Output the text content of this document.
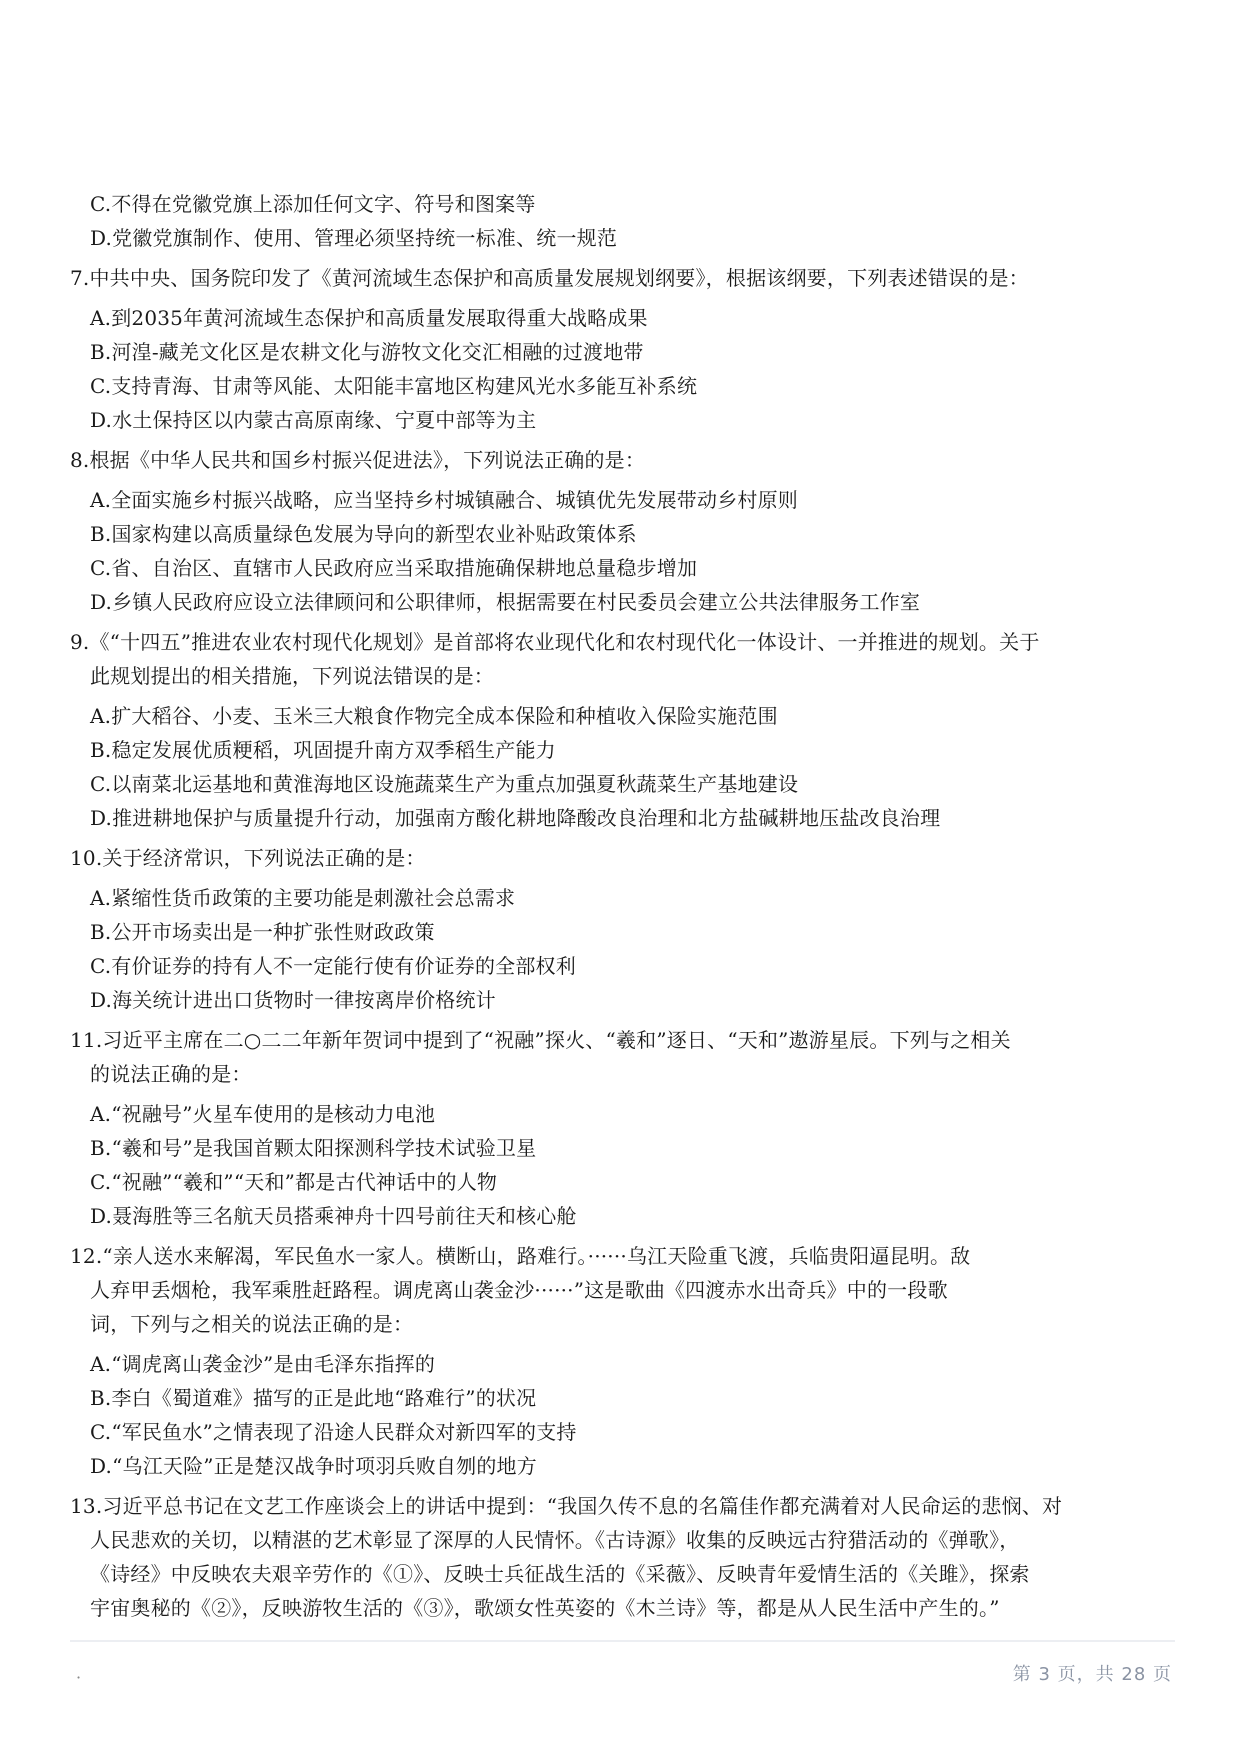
C.不得在党徽党旗上添加任何文字、符号和图案等
D.党徽党旗制作、使用、管理必须坚持统一标准、统一规范
7.中共中央、国务院印发了《黄河流域生态保护和高质量发展规划纲要》，根据该纲要，下列表述错误的是：
A.到2035年黄河流域生态保护和高质量发展取得重大战略成果
B.河湟-藏羌文化区是农耕文化与游牧文化交汇相融的过渡地带
C.支持青海、甘肃等风能、太阳能丰富地区构建风光水多能互补系统
D.水土保持区以内蒙古高原南缘、宁夏中部等为主
8.根据《中华人民共和国乡村振兴促进法》，下列说法正确的是：
A.全面实施乡村振兴战略，应当坚持乡村城镇融合、城镇优先发展带动乡村原则
B.国家构建以高质量绿色发展为导向的新型农业补贴政策体系
C.省、自治区、直辖市人民政府应当采取措施确保耕地总量稳步增加
D.乡镇人民政府应设立法律顾问和公职律师，根据需要在村民委员会建立公共法律服务工作室
9.《“十四五”推进农业农村现代化规划》是首部将农业现代化和农村现代化一体设计、一并推进的规划。关于
此规划提出的相关措施，下列说法错误的是：
A.扩大稻谷、小麦、玉米三大粮食作物完全成本保险和种植收入保险实施范围
B.稳定发展优质粳稻，巩固提升南方双季稻生产能力
C.以南菜北运基地和黄淮海地区设施蔬菜生产为重点加强夏秋蔬菜生产基地建设
D.推进耕地保护与质量提升行动，加强南方酸化耕地降酸改良治理和北方盐碱耕地压盐改良治理
10.关于经济常识，下列说法正确的是：
A.紧缩性货币政策的主要功能是刺激社会总需求
B.公开市场卖出是一种扩张性财政政策
C.有价证券的持有人不一定能行使有价证券的全部权利
D.海关统计进出口货物时一律按离岸价格统计
11.习近平主席在二○二二年新年贺词中提到了“祝融”探火、“羲和”逐日、“天和”遨游星辰。下列与之相关
的说法正确的是：
A.“祝融号”火星车使用的是核动力电池
B.“羲和号”是我国首颗太阳探测科学技术试验卫星
C.“祝融”“羲和”“天和”都是古代神话中的人物
D.聂海胜等三名航天员搭乘神舟十四号前往天和核心舱
12.“亲人送水来解渴，军民鱼水一家人。横断山，路难行。······乌江天险重飞渡，兵临贵阳逼昆明。敌
人弃甲丢烟枪，我军乘胜赶路程。调虎离山袭金沙······”这是歌曲《四渡赤水出奇兵》中的一段歌
词，下列与之相关的说法正确的是：
A.“调虎离山袭金沙”是由毛泽东指挥的
B.李白《蜀道难》描写的正是此地“路难行”的状况
C.“军民鱼水”之情表现了沿途人民群众对新四军的支持
D.“乌江天险”正是楚汉战争时项羽兵败自刎的地方
13.习近平总书记在文艺工作座谈会上的讲话中提到：“我国久传不息的名篇佳作都充满着对人民命运的悲悯、对
人民悲欢的关切，以精湛的艺术彰显了深厚的人民情怀。《古诗源》收集的反映远古狩猎活动的《弹歌》，
《诗经》中反映农夫艰辛劳作的《①》、反映士兵征战生活的《采薇》、反映青年爱情生活的《关雎》，探索
宇宙奥秘的《②》，反映游牧生活的《③》，歌颂女性英姿的《木兰诗》等，都是从人民生活中产生的。”
·	第 3 页，共 28 页
